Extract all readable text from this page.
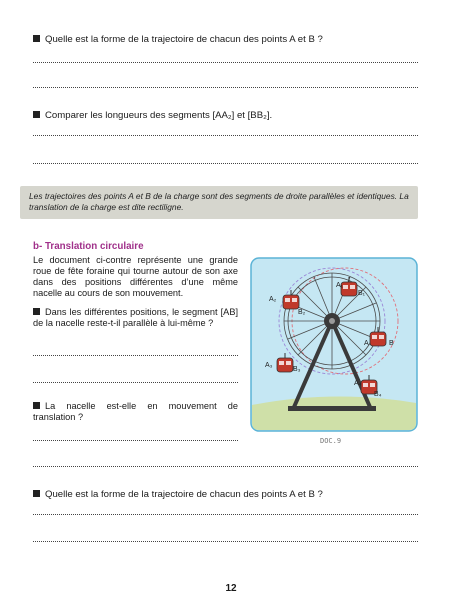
Quelle est la forme de la trajectoire de chacun des points A et B ?
Comparer les longueurs des segments [AA₂] et [BB₂].
Les trajectoires des points A et B de la charge sont des segments de droite parallèles et identiques. La translation de la charge est dite rectiligne.
b- Translation circulaire
Le document ci-contre représente une grande roue de fête foraine qui tourne autour de son axe dans des positions différentes d’une même nacelle au cours de son mouvement.
Dans les différentes positions, le segment [AB] de la nacelle reste-t-il parallèle à lui-même ?
La nacelle est-elle en mouvement de translation ?
Quelle est la forme de la trajectoire de chacun des points A et B ?
A₂
B₂
A₁
B₁
A	B
A₃
B₃
A₄
B₄
DOC.9
12
